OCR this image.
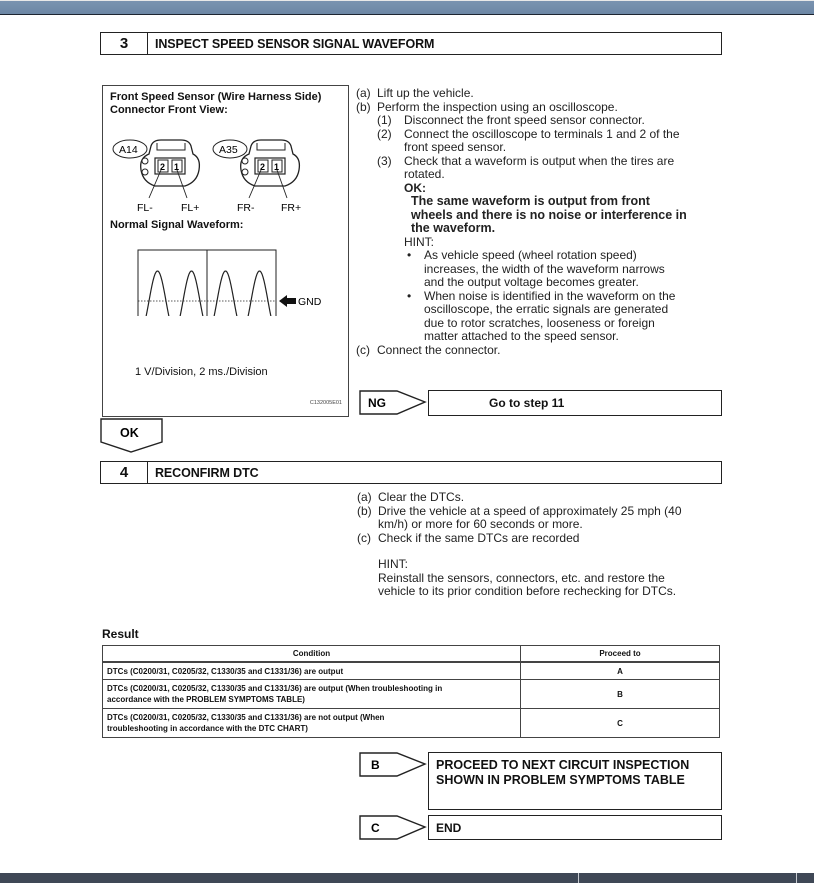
3	INSPECT SPEED SENSOR SIGNAL WAVEFORM
Front Speed Sensor (Wire Harness Side)
Connector Front View:
A14
2 1
FL-	FL+
A35
2 1
FR-	FR+
Normal Signal Waveform:
GND
1 V/Division, 2 ms./Division
C132005E01
(a) Lift up the vehicle.
(b) Perform the inspection using an oscilloscope.
(1) Disconnect the front speed sensor connector.
(2) Connect the oscilloscope to terminals 1 and 2 of the
front speed sensor.
(3) Check that a waveform is output when the tires are
rotated.
OK:
The same waveform is output from front
wheels and there is no noise or interference in
the waveform.
HINT:
• As vehicle speed (wheel rotation speed)
increases, the width of the waveform narrows
and the output voltage becomes greater.
• When noise is identified in the waveform on the
oscilloscope, the erratic signals are generated
due to rotor scratches, looseness or foreign
matter attached to the speed sensor.
(c) Connect the connector.
NG	Go to step 11
OK
4	RECONFIRM DTC
(a) Clear the DTCs.
(b) Drive the vehicle at a speed of approximately 25 mph (40
km/h) or more for 60 seconds or more.
(c) Check if the same DTCs are recorded
HINT:
Reinstall the sensors, connectors, etc. and restore the
vehicle to its prior condition before rechecking for DTCs.
Result
Condition	Proceed to

DTCs (C0200/31, C0205/32, C1330/35 and C1331/36) are output	A

DTCs (C0200/31, C0205/32, C1330/35 and C1331/36) are output (When troubleshooting in
accordance with the PROBLEM SYMPTOMS TABLE)	B

DTCs (C0200/31, C0205/32, C1330/35 and C1331/36) are not output (When
troubleshooting in accordance with the DTC CHART)	C
B	PROCEED TO NEXT CIRCUIT INSPECTION
SHOWN IN PROBLEM SYMPTOMS TABLE
C	END
